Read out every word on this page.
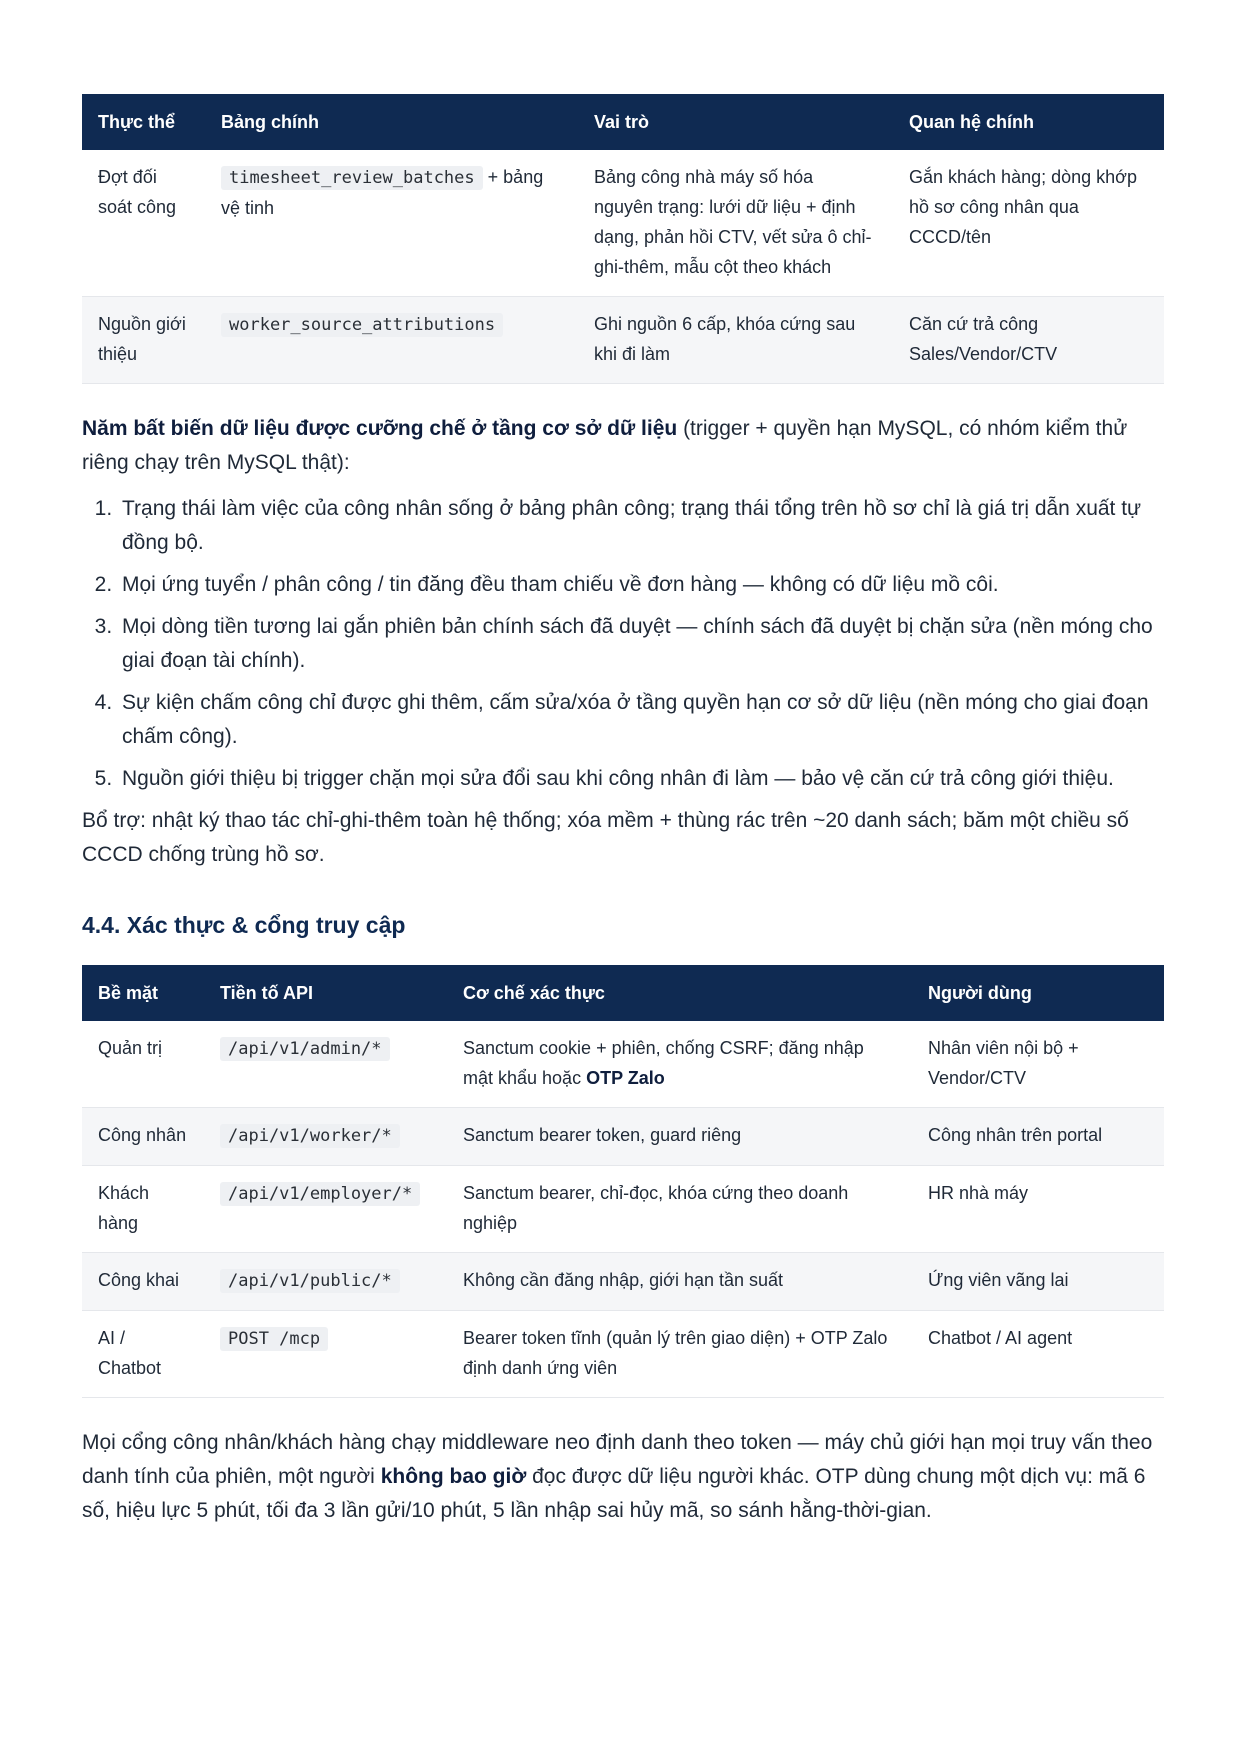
Thực thể	Bảng chính	Vai trò	Quan hệ chính
Đợt đối soát công	timesheet_review_batches + bảng vệ tinh	Bảng công nhà máy số hóa nguyên trạng: lưới dữ liệu + định dạng, phản hồi CTV, vết sửa ô chỉ-ghi-thêm, mẫu cột theo khách	Gắn khách hàng; dòng khớp hồ sơ công nhân qua CCCD/tên
Nguồn giới thiệu	worker_source_attributions	Ghi nguồn 6 cấp, khóa cứng sau khi đi làm	Căn cứ trả công Sales/Vendor/CTV

Năm bất biến dữ liệu được cưỡng chế ở tầng cơ sở dữ liệu (trigger + quyền hạn MySQL, có nhóm kiểm thử riêng chạy trên MySQL thật):

1. Trạng thái làm việc của công nhân sống ở bảng phân công; trạng thái tổng trên hồ sơ chỉ là giá trị dẫn xuất tự đồng bộ.
2. Mọi ứng tuyển / phân công / tin đăng đều tham chiếu về đơn hàng — không có dữ liệu mồ côi.
3. Mọi dòng tiền tương lai gắn phiên bản chính sách đã duyệt — chính sách đã duyệt bị chặn sửa (nền móng cho giai đoạn tài chính).
4. Sự kiện chấm công chỉ được ghi thêm, cấm sửa/xóa ở tầng quyền hạn cơ sở dữ liệu (nền móng cho giai đoạn chấm công).
5. Nguồn giới thiệu bị trigger chặn mọi sửa đổi sau khi công nhân đi làm — bảo vệ căn cứ trả công giới thiệu.

Bổ trợ: nhật ký thao tác chỉ-ghi-thêm toàn hệ thống; xóa mềm + thùng rác trên ~20 danh sách; băm một chiều số CCCD chống trùng hồ sơ.

4.4. Xác thực & cổng truy cập
Bề mặt	Tiền tố API	Cơ chế xác thực	Người dùng
Quản trị	/api/v1/admin/*	Sanctum cookie + phiên, chống CSRF; đăng nhập mật khẩu hoặc OTP Zalo	Nhân viên nội bộ + Vendor/CTV
Công nhân	/api/v1/worker/*	Sanctum bearer token, guard riêng	Công nhân trên portal
Khách hàng	/api/v1/employer/*	Sanctum bearer, chỉ-đọc, khóa cứng theo doanh nghiệp	HR nhà máy
Công khai	/api/v1/public/*	Không cần đăng nhập, giới hạn tần suất	Ứng viên vãng lai
AI / Chatbot	POST /mcp	Bearer token tĩnh (quản lý trên giao diện) + OTP Zalo định danh ứng viên	Chatbot / AI agent

Mọi cổng công nhân/khách hàng chạy middleware neo định danh theo token — máy chủ giới hạn mọi truy vấn theo danh tính của phiên, một người không bao giờ đọc được dữ liệu người khác. OTP dùng chung một dịch vụ: mã 6 số, hiệu lực 5 phút, tối đa 3 lần gửi/10 phút, 5 lần nhập sai hủy mã, so sánh hằng-thời-gian.
